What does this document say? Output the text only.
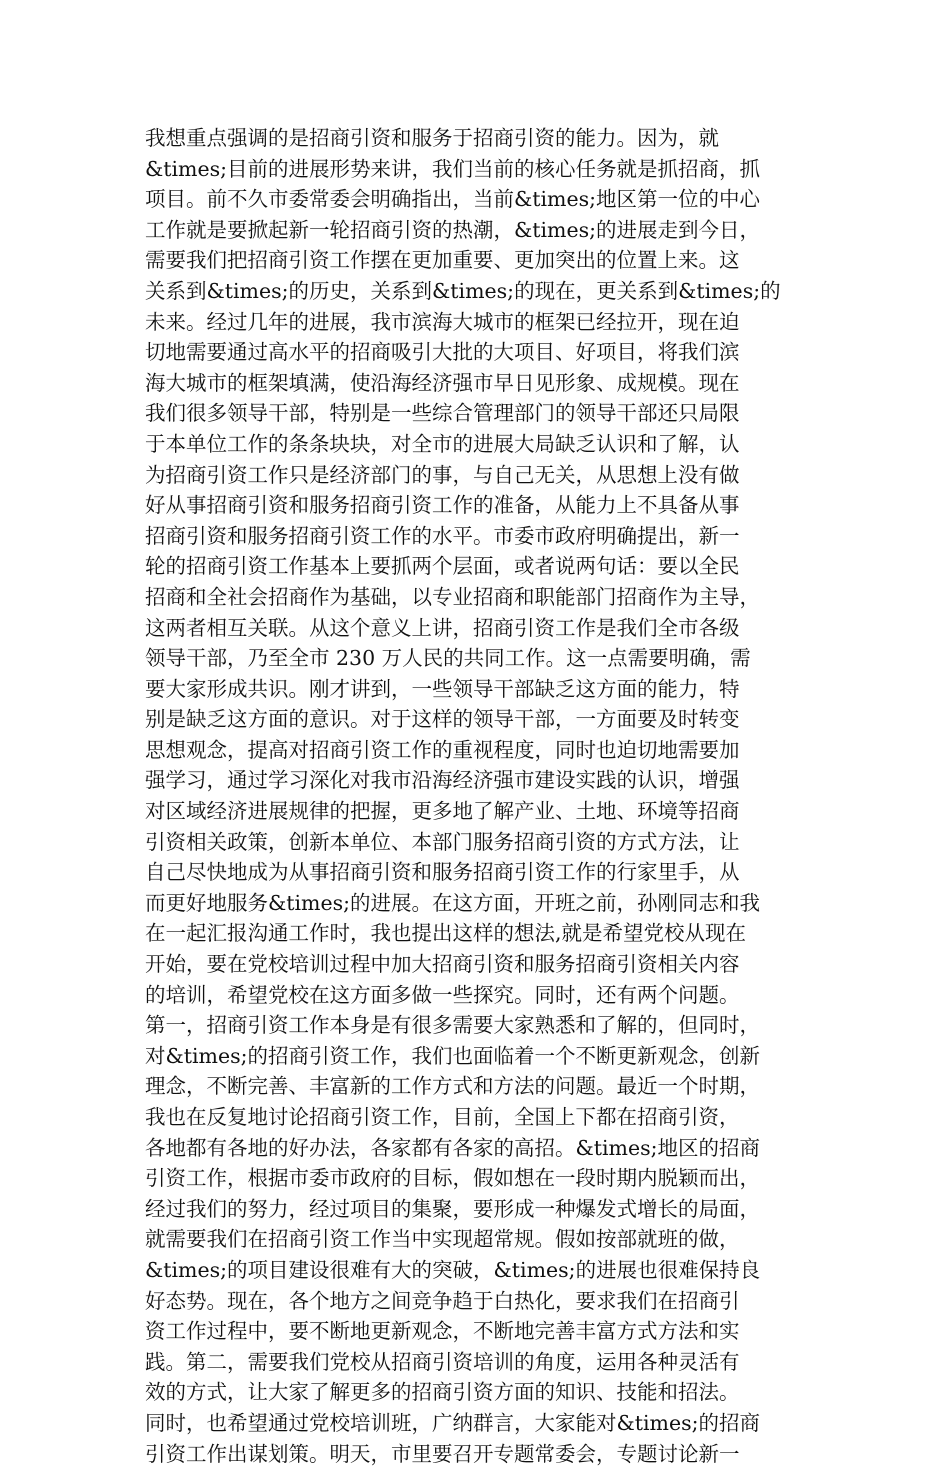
我想重点强调的是招商引资和服务于招商引资的能力。因为，就
&times;目前的进展形势来讲，我们当前的核心任务就是抓招商，抓
项目。前不久市委常委会明确指出，当前&times;地区第一位的中心
工作就是要掀起新一轮招商引资的热潮，&times;的进展走到今日，
需要我们把招商引资工作摆在更加重要、更加突出的位置上来。这
关系到&times;的历史，关系到&times;的现在，更关系到&times;的
未来。经过几年的进展，我市滨海大城市的框架已经拉开，现在迫
切地需要通过高水平的招商吸引大批的大项目、好项目，将我们滨
海大城市的框架填满，使沿海经济强市早日见形象、成规模。现在
我们很多领导干部，特别是一些综合管理部门的领导干部还只局限
于本单位工作的条条块块，对全市的进展大局缺乏认识和了解，认
为招商引资工作只是经济部门的事，与自己无关，从思想上没有做
好从事招商引资和服务招商引资工作的准备，从能力上不具备从事
招商引资和服务招商引资工作的水平。市委市政府明确提出，新一
轮的招商引资工作基本上要抓两个层面，或者说两句话：要以全民
招商和全社会招商作为基础，以专业招商和职能部门招商作为主导，
这两者相互关联。从这个意义上讲，招商引资工作是我们全市各级
领导干部，乃至全市 230 万人民的共同工作。这一点需要明确，需
要大家形成共识。刚才讲到，一些领导干部缺乏这方面的能力，特
别是缺乏这方面的意识。对于这样的领导干部，一方面要及时转变
思想观念，提高对招商引资工作的重视程度，同时也迫切地需要加
强学习，通过学习深化对我市沿海经济强市建设实践的认识，增强
对区域经济进展规律的把握，更多地了解产业、土地、环境等招商
引资相关政策，创新本单位、本部门服务招商引资的方式方法，让
自己尽快地成为从事招商引资和服务招商引资工作的行家里手，从
而更好地服务&times;的进展。在这方面，开班之前，孙刚同志和我
在一起汇报沟通工作时，我也提出这样的想法,就是希望党校从现在
开始，要在党校培训过程中加大招商引资和服务招商引资相关内容
的培训，希望党校在这方面多做一些探究。同时，还有两个问题。
第一，招商引资工作本身是有很多需要大家熟悉和了解的，但同时，
对&times;的招商引资工作，我们也面临着一个不断更新观念，创新
理念，不断完善、丰富新的工作方式和方法的问题。最近一个时期，
我也在反复地讨论招商引资工作，目前，全国上下都在招商引资，
各地都有各地的好办法，各家都有各家的高招。&times;地区的招商
引资工作，根据市委市政府的目标，假如想在一段时期内脱颖而出，
经过我们的努力，经过项目的集聚，要形成一种爆发式增长的局面，
就需要我们在招商引资工作当中实现超常规。假如按部就班的做，
&times;的项目建设很难有大的突破，&times;的进展也很难保持良
好态势。现在，各个地方之间竞争趋于白热化，要求我们在招商引
资工作过程中，要不断地更新观念，不断地完善丰富方式方法和实
践。第二，需要我们党校从招商引资培训的角度，运用各种灵活有
效的方式，让大家了解更多的招商引资方面的知识、技能和招法。
同时，也希望通过党校培训班，广纳群言，大家能对&times;的招商
引资工作出谋划策。明天，市里要召开专题常委会，专题讨论新一
